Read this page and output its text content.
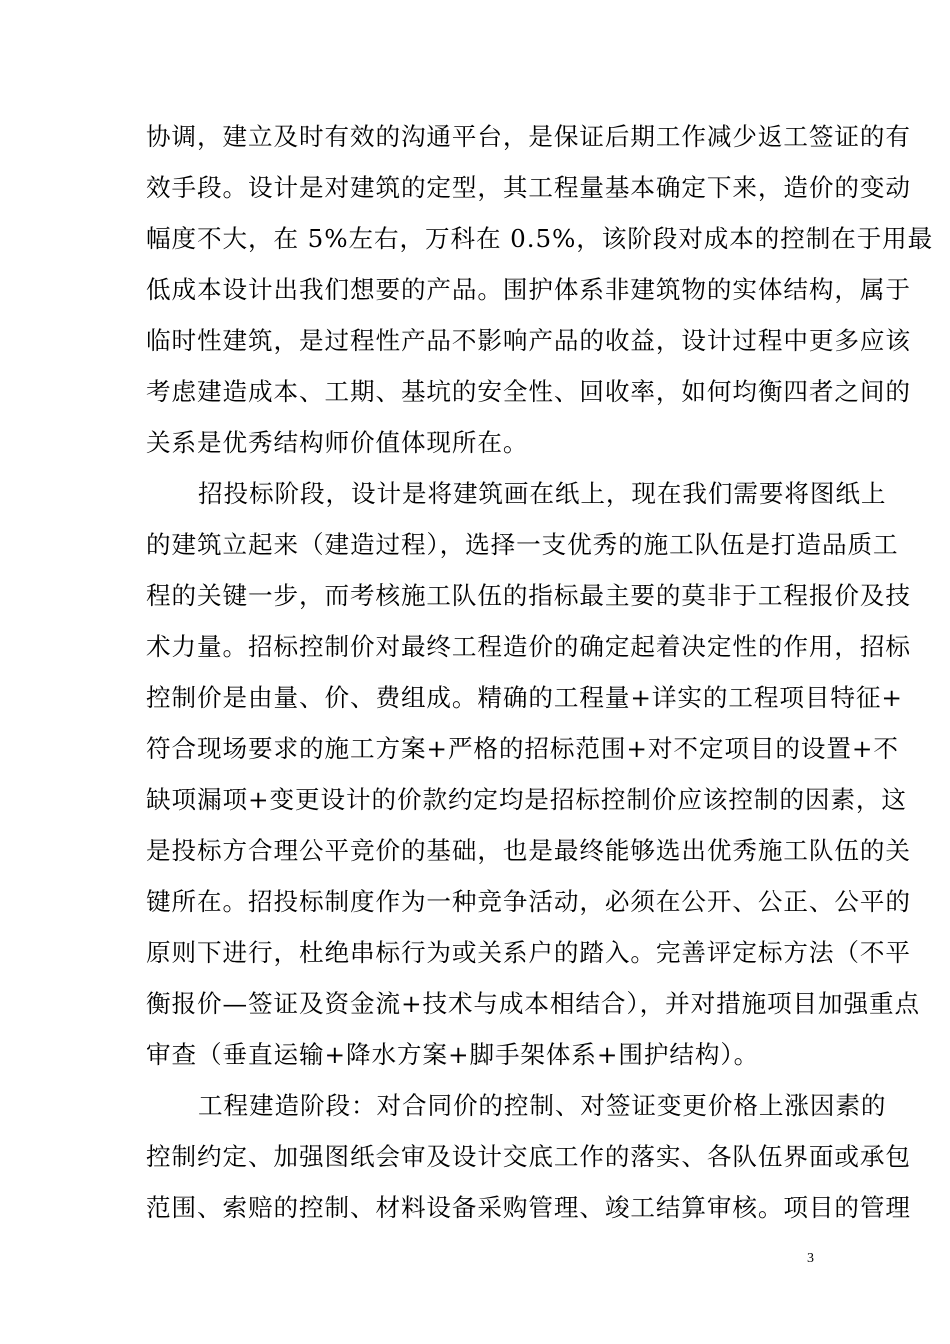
协调，建立及时有效的沟通平台，是保证后期工作减少返工签证的有
效手段。设计是对建筑的定型，其工程量基本确定下来，造价的变动
幅度不大，在 5%左右，万科在 0.5%，该阶段对成本的控制在于用最
低成本设计出我们想要的产品。围护体系非建筑物的实体结构，属于
临时性建筑，是过程性产品不影响产品的收益，设计过程中更多应该
考虑建造成本、工期、基坑的安全性、回收率，如何均衡四者之间的
关系是优秀结构师价值体现所在。
招投标阶段，设计是将建筑画在纸上，现在我们需要将图纸上
的建筑立起来（建造过程），选择一支优秀的施工队伍是打造品质工
程的关键一步，而考核施工队伍的指标最主要的莫非于工程报价及技
术力量。招标控制价对最终工程造价的确定起着决定性的作用，招标
控制价是由量、价、费组成。精确的工程量+详实的工程项目特征+
符合现场要求的施工方案+严格的招标范围+对不定项目的设置+不
缺项漏项+变更设计的价款约定均是招标控制价应该控制的因素，这
是投标方合理公平竞价的基础，也是最终能够选出优秀施工队伍的关
键所在。招投标制度作为一种竞争活动，必须在公开、公正、公平的
原则下进行，杜绝串标行为或关系户的踏入。完善评定标方法（不平
衡报价—签证及资金流+技术与成本相结合），并对措施项目加强重点
审查（垂直运输+降水方案+脚手架体系+围护结构）。
工程建造阶段：对合同价的控制、对签证变更价格上涨因素的
控制约定、加强图纸会审及设计交底工作的落实、各队伍界面或承包
范围、索赔的控制、材料设备采购管理、竣工结算审核。项目的管理
3
